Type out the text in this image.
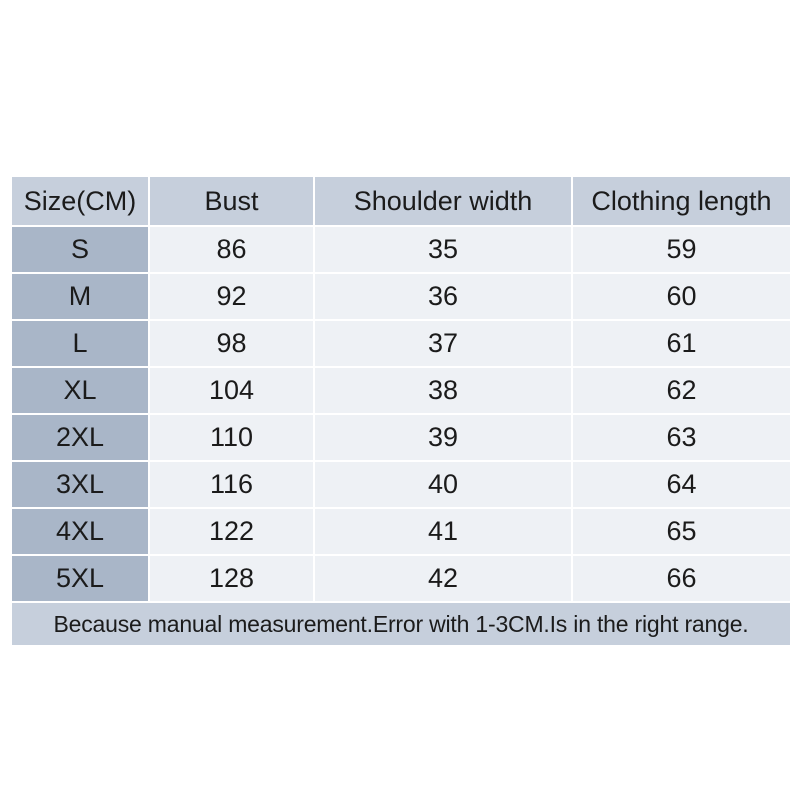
Size(CM)	Bust	Shoulder width	Clothing length
S	86	35	59
M	92	36	60
L	98	37	61
XL	104	38	62
2XL	110	39	63
3XL	116	40	64
4XL	122	41	65
5XL	128	42	66
Because manual measurement.Error with 1-3CM.Is in the right range.			
